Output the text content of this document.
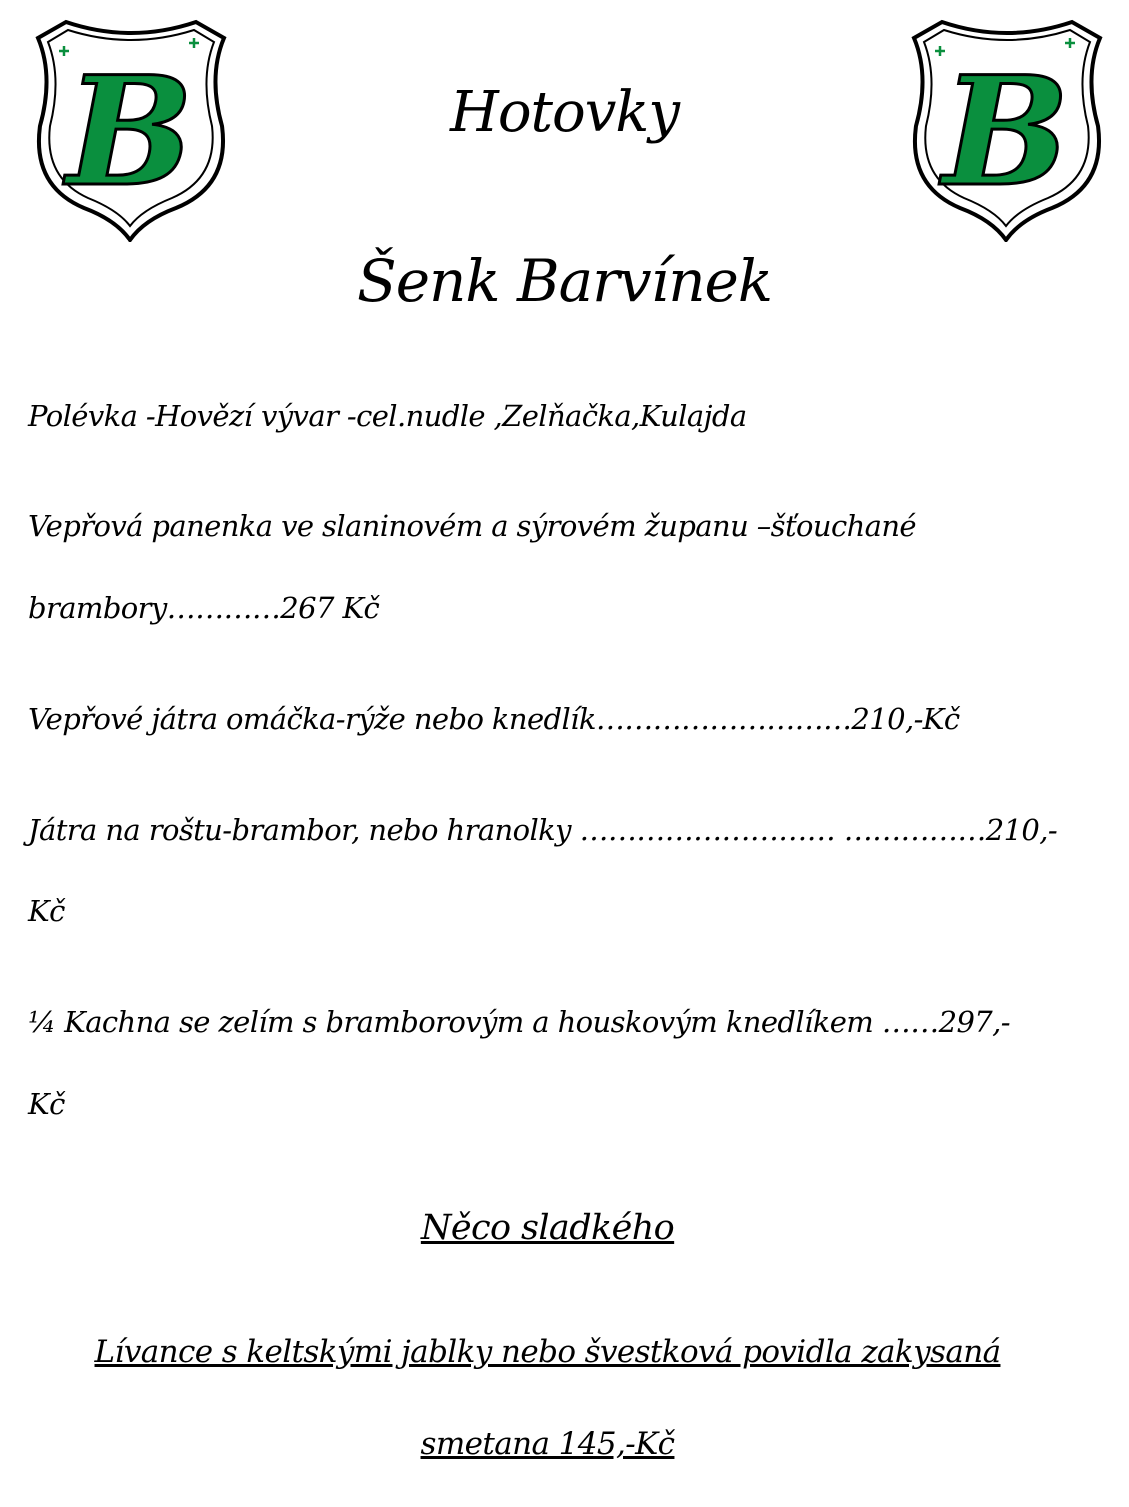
B	B
Hotovky
Šenk Barvínek
Polévka -Hovězí vývar -cel.nudle ,Zelňačka,Kulajda
Vepřová panenka ve slaninovém a sýrovém županu –šťouchané
brambory…………267 Kč
Vepřové játra omáčka-rýže nebo knedlík………………………210,-Kč
Játra na roštu-brambor, nebo hranolky ……………………… ……………210,-
Kč
¼ Kachna se zelím s bramborovým a houskovým knedlíkem ……297,-
Kč
Něco sladkého
Lívance s keltskými jablky nebo švestková povidla zakysaná
smetana 145,-Kč
